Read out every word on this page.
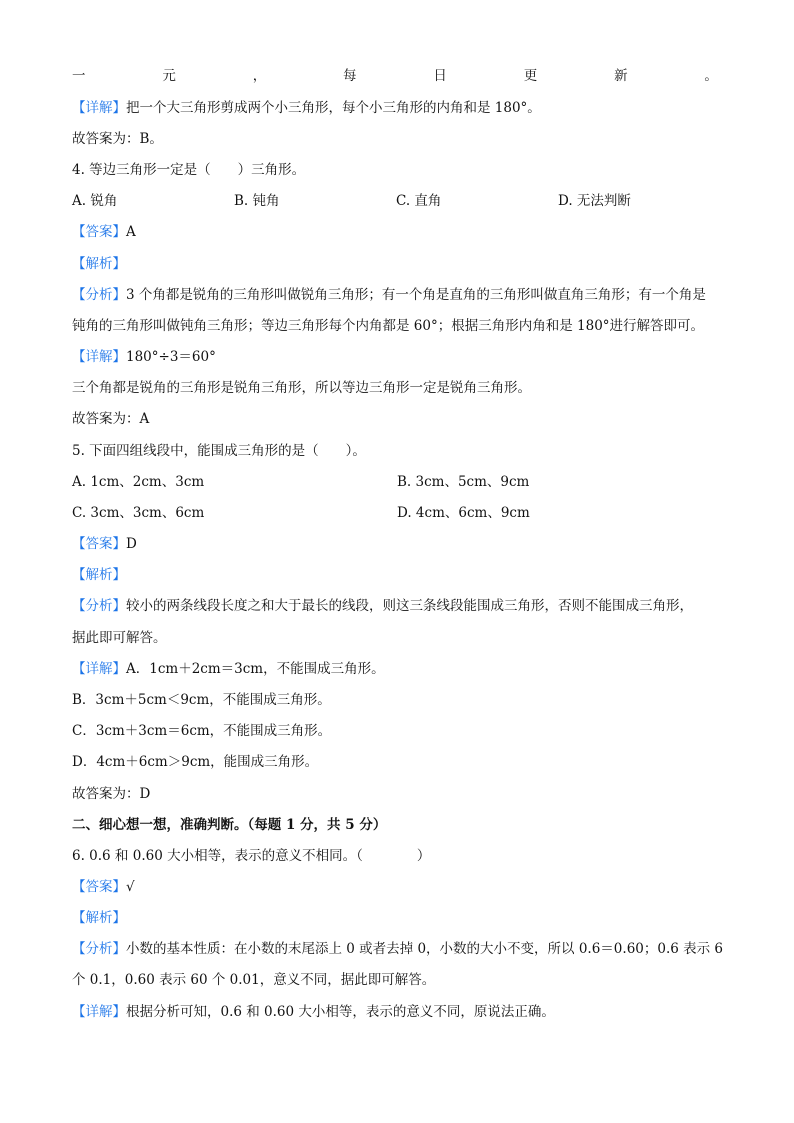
一	元	，	每	日	更	新	。
【详解】把一个大三角形剪成两个小三角形，每个小三角形的内角和是 180°。
故答案为：B。
4. 等边三角形一定是（　　）三角形。
A. 锐角	B. 钝角	C. 直角	D. 无法判断
【答案】A
【解析】
【分析】3 个角都是锐角的三角形叫做锐角三角形；有一个角是直角的三角形叫做直角三角形；有一个角是
钝角的三角形叫做钝角三角形；等边三角形每个内角都是 60°；根据三角形内角和是 180°进行解答即可。
【详解】180°÷3＝60°
三个角都是锐角的三角形是锐角三角形，所以等边三角形一定是锐角三角形。
故答案为：A
5. 下面四组线段中，能围成三角形的是（　　）。
A. 1cm、2cm、3cm	B. 3cm、5cm、9cm
C. 3cm、3cm、6cm	D. 4cm、6cm、9cm
【答案】D
【解析】
【分析】较小的两条线段长度之和大于最长的线段，则这三条线段能围成三角形，否则不能围成三角形，
据此即可解答。
【详解】A．1cm＋2cm＝3cm，不能围成三角形。
B．3cm＋5cm＜9cm，不能围成三角形。
C．3cm＋3cm＝6cm，不能围成三角形。
D．4cm＋6cm＞9cm，能围成三角形。
故答案为：D
二、细心想一想，准确判断。（每题 1 分，共 5 分）
6. 0.6 和 0.60 大小相等，表示的意义不相同。（　　　　）
【答案】√
【解析】
【分析】小数的基本性质：在小数的末尾添上 0 或者去掉 0，小数的大小不变，所以 0.6＝0.60；0.6 表示 6
个 0.1，0.60 表示 60 个 0.01，意义不同，据此即可解答。
【详解】根据分析可知，0.6 和 0.60 大小相等，表示的意义不同，原说法正确。
